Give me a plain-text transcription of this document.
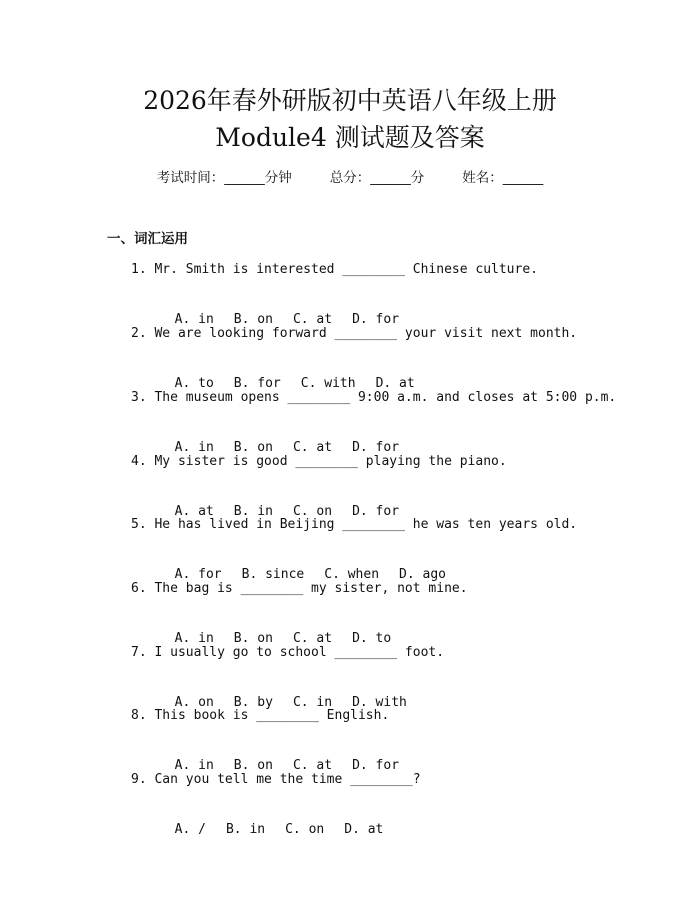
2026年春外研版初中英语八年级上册
Module4 测试题及答案
考试时间：______分钟	总分：______分	姓名：______
一、词汇运用
1. Mr. Smith is interested ________ Chinese culture.

A. in B. on C. at D. for

2. We are looking forward ________ your visit next month.

A. to B. for C. with D. at

3. The museum opens ________ 9:00 a.m. and closes at 5:00 p.m.

A. in B. on C. at D. for

4. My sister is good ________ playing the piano.

A. at B. in C. on D. for

5. He has lived in Beijing ________ he was ten years old.

A. for B. since C. when D. ago

6. The bag is ________ my sister, not mine.

A. in B. on C. at D. to

7. I usually go to school ________ foot.

A. on B. by C. in D. with

8. This book is ________ English.

A. in B. on C. at D. for

9. Can you tell me the time ________?

A. / B. in C. on D. at
